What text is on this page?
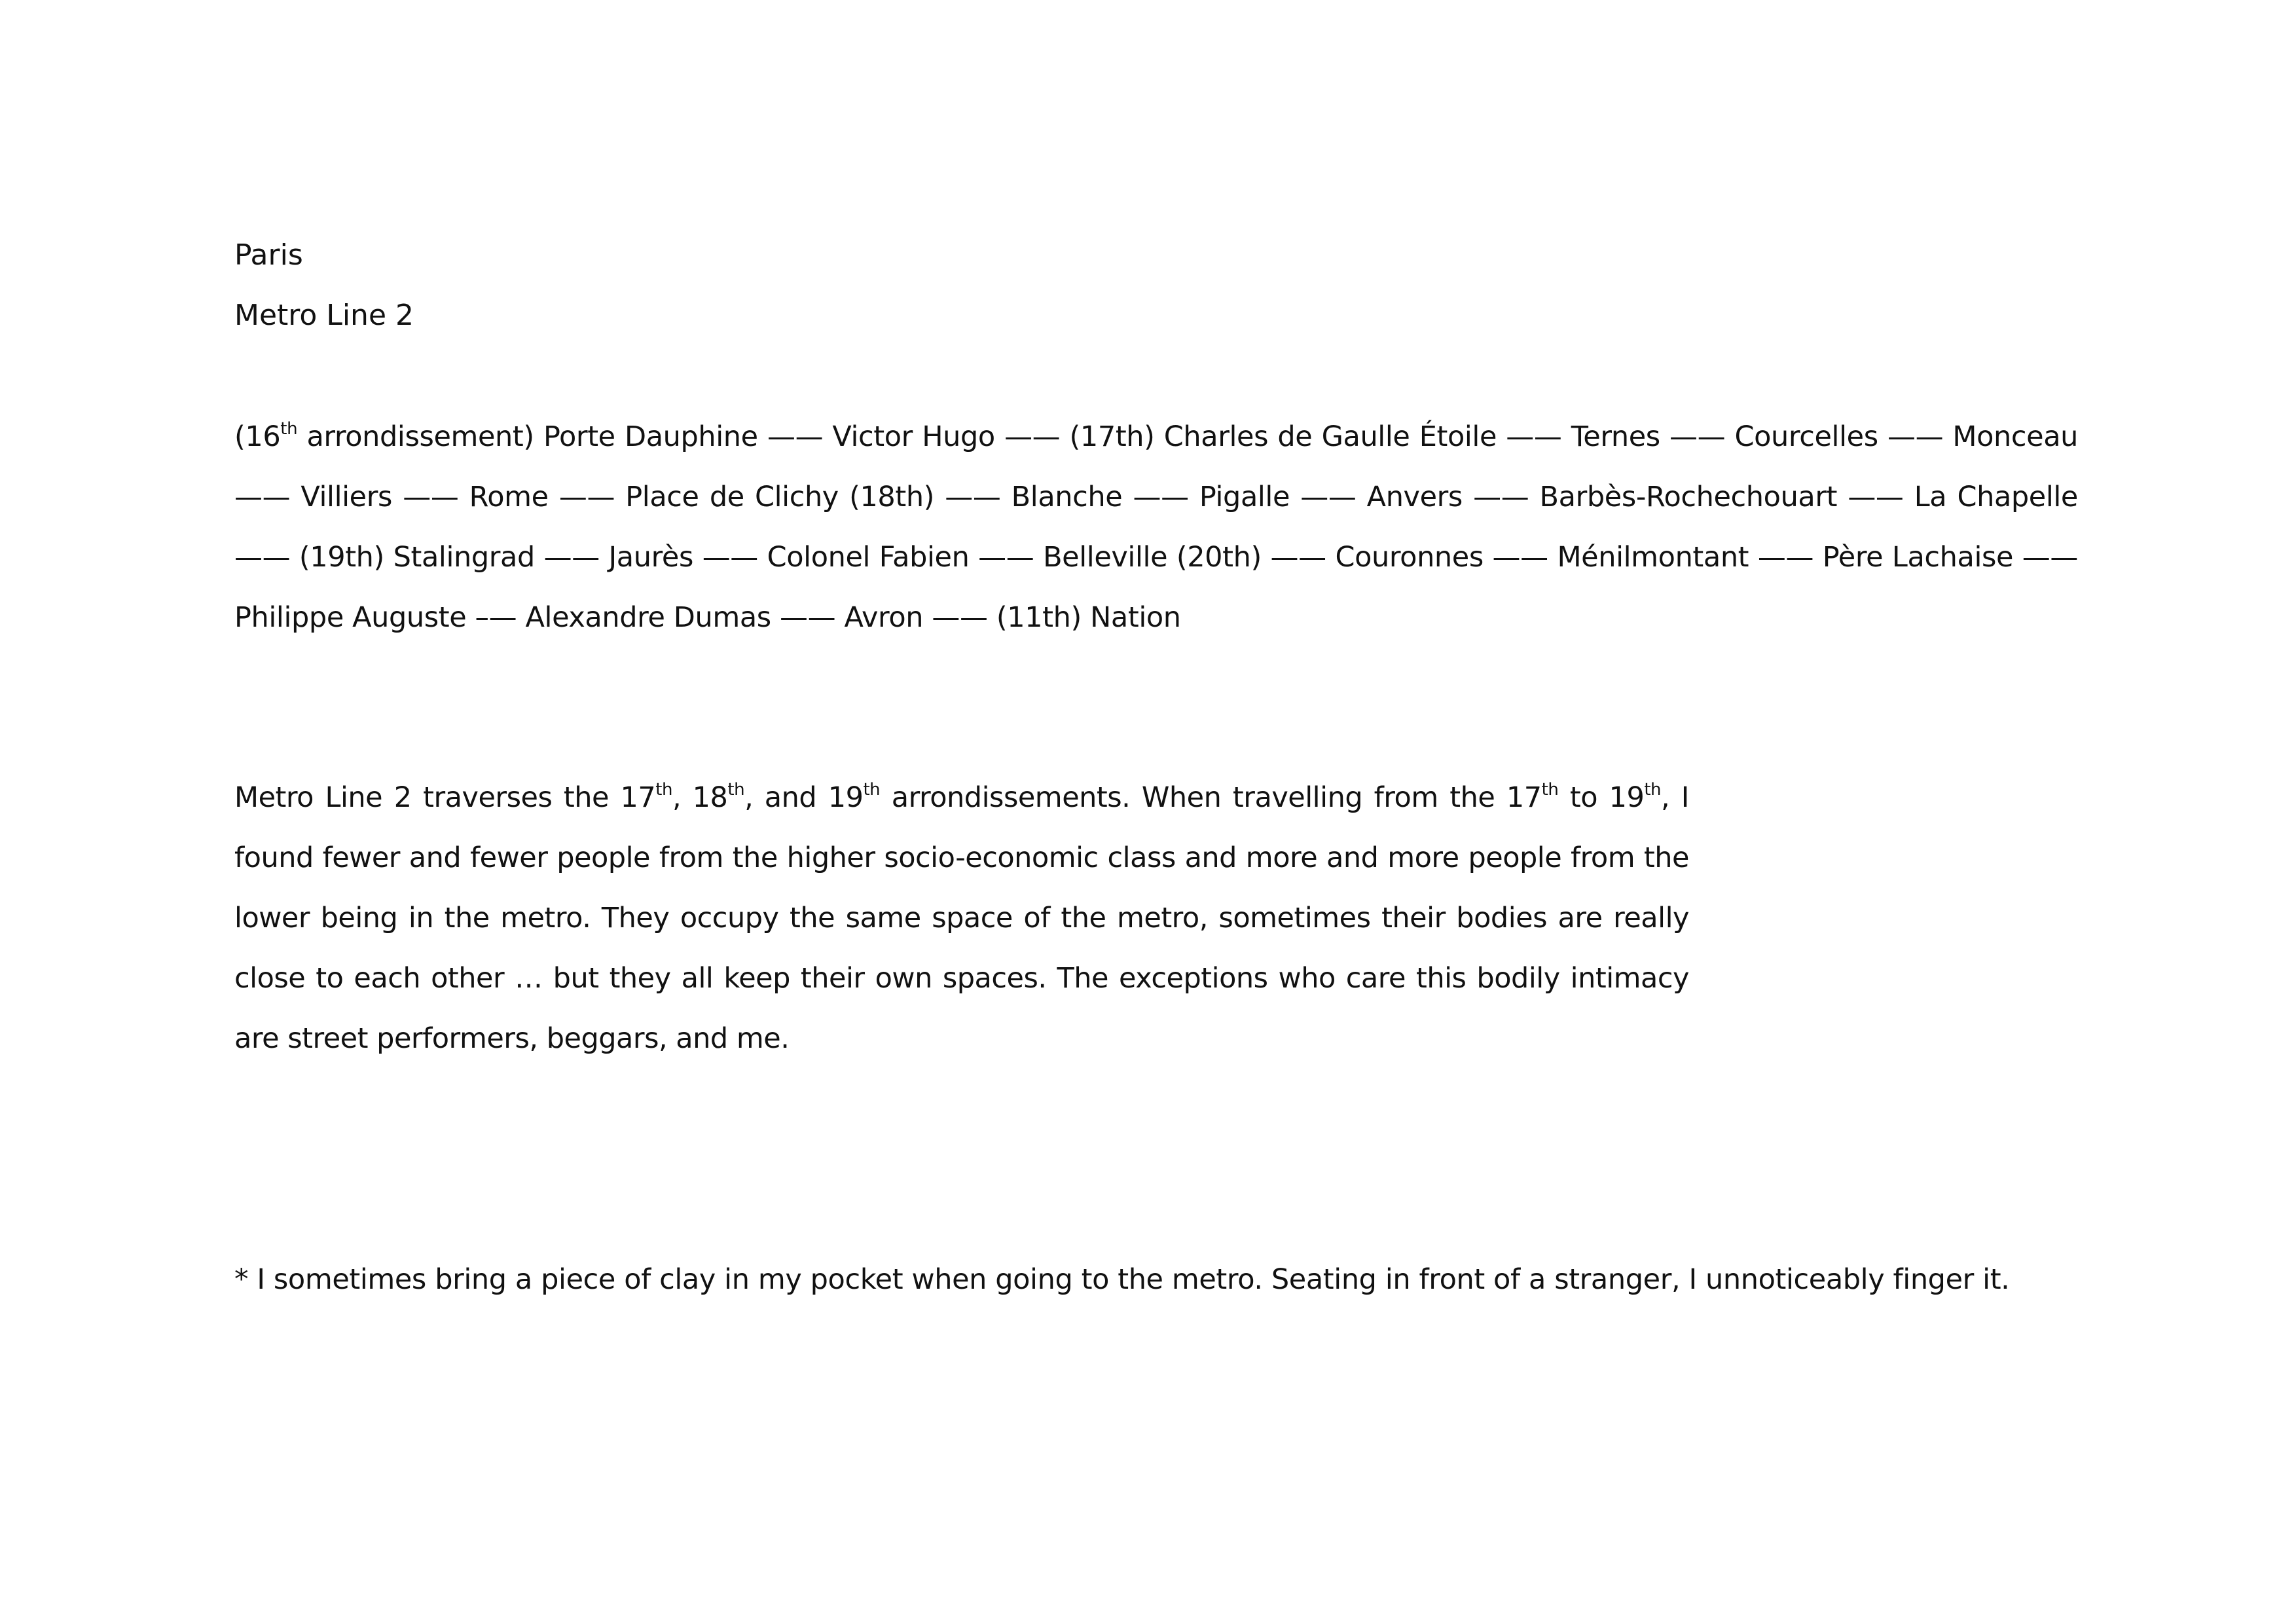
Paris
Metro Line 2
(16th arrondissement) Porte Dauphine —— Victor Hugo —— (17th) Charles de Gaulle Étoile —— Ternes —— Courcelles —— Monceau —— Villiers —— Rome —— Place de Clichy (18th) —— Blanche —— Pigalle —— Anvers —— Barbès-Rochechouart —— La Chapelle —— (19th) Stalingrad —— Jaurès —— Colonel Fabien —— Belleville (20th) —— Couronnes —— Ménilmontant —— Père Lachaise —— Philippe Auguste –— Alexandre Dumas —— Avron —— (11th) Nation
Metro Line 2 traverses the 17th, 18th, and 19th arrondissements. When travelling from the 17th to 19th, I found fewer and fewer people from the higher socio-economic class and more and more people from the lower being in the metro. They occupy the same space of the metro, sometimes their bodies are really close to each other … but they all keep their own spaces. The exceptions who care this bodily intimacy are street performers, beggars, and me.
* I sometimes bring a piece of clay in my pocket when going to the metro. Seating in front of a stranger, I unnoticeably finger it.
